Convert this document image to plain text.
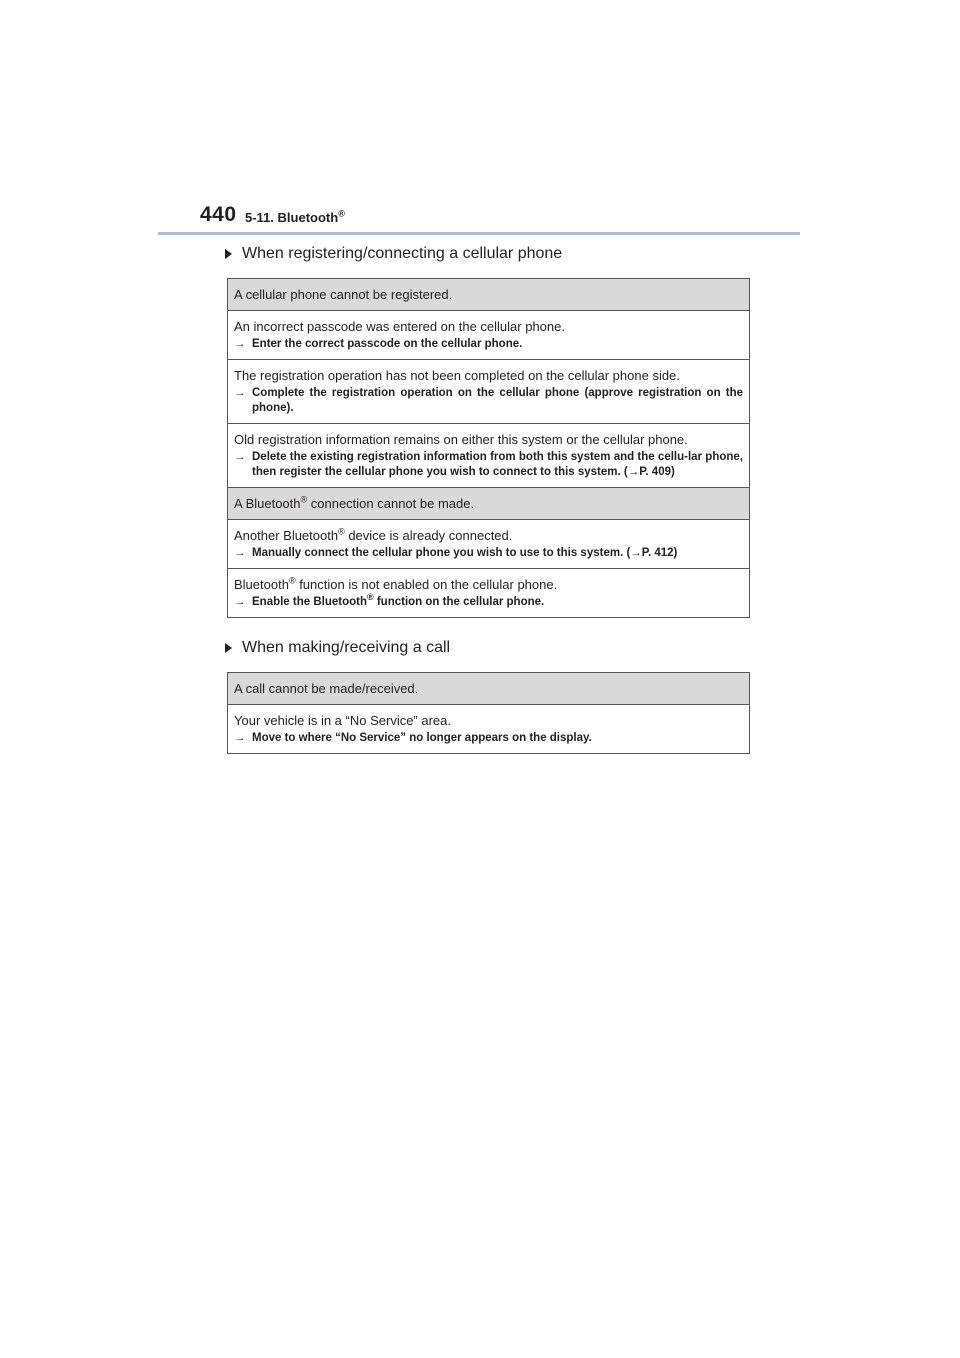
440 5-11. Bluetooth®
When registering/connecting a cellular phone
A cellular phone cannot be registered.

An incorrect passcode was entered on the cellular phone.
→ Enter the correct passcode on the cellular phone.

The registration operation has not been completed on the cellular phone side.
→ Complete the registration operation on the cellular phone (approve registration on the phone).

Old registration information remains on either this system or the cellular phone.
→ Delete the existing registration information from both this system and the cellu-lar phone, then register the cellular phone you wish to connect to this system. (→P. 409)

A Bluetooth® connection cannot be made.

Another Bluetooth® device is already connected.
→ Manually connect the cellular phone you wish to use to this system. (→P. 412)

Bluetooth® function is not enabled on the cellular phone.
→ Enable the Bluetooth® function on the cellular phone.
When making/receiving a call
A call cannot be made/received.

Your vehicle is in a “No Service” area.
→ Move to where “No Service” no longer appears on the display.
